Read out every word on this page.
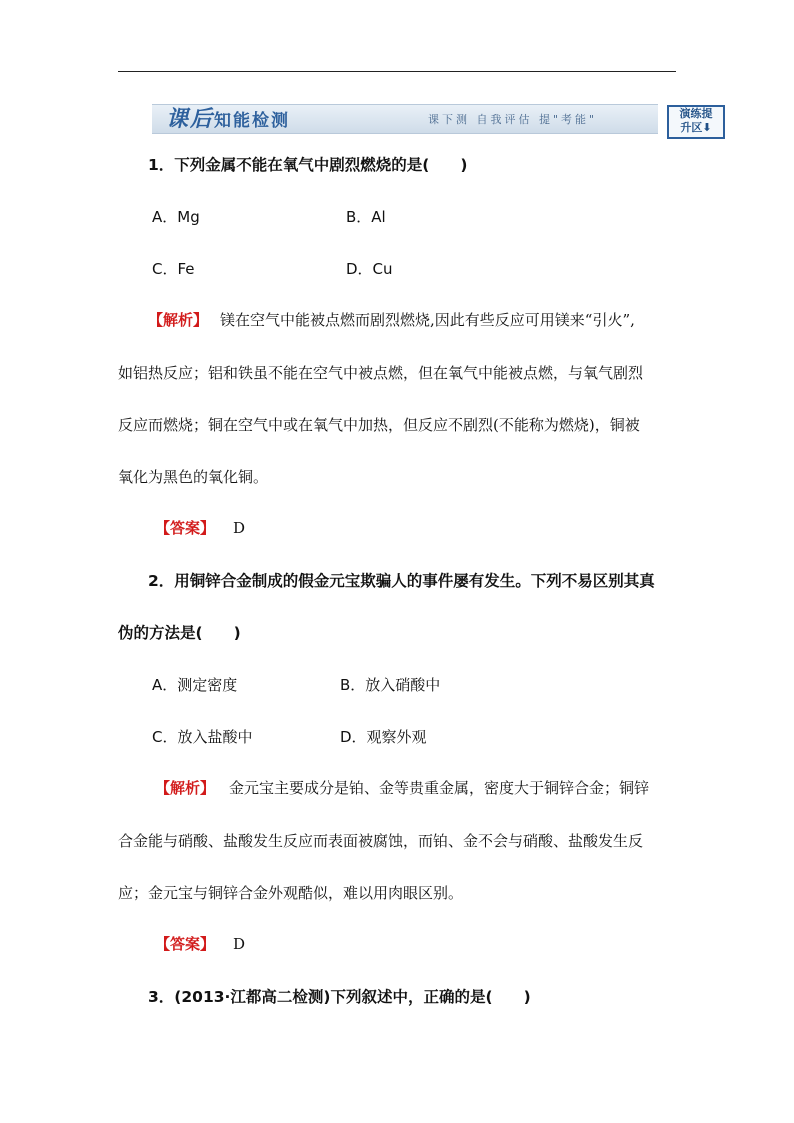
课后知能检测	课下测 自我评估 提"考能"	演练提
升区⬇
1．下列金属不能在氧气中剧烈燃烧的是(　　)
A．Mg	B．Al
C．Fe	D．Cu
【解析】 镁在空气中能被点燃而剧烈燃烧,因此有些反应可用镁来“引火”,
如铝热反应；铝和铁虽不能在空气中被点燃，但在氧气中能被点燃，与氧气剧烈
反应而燃烧；铜在空气中或在氧气中加热，但反应不剧烈(不能称为燃烧)，铜被
氧化为黑色的氧化铜。
【答案】 D
2．用铜锌合金制成的假金元宝欺骗人的事件屡有发生。下列不易区别其真
伪的方法是(　　)
A．测定密度	B．放入硝酸中
C．放入盐酸中	D．观察外观
【解析】 金元宝主要成分是铂、金等贵重金属，密度大于铜锌合金；铜锌
合金能与硝酸、盐酸发生反应而表面被腐蚀，而铂、金不会与硝酸、盐酸发生反
应；金元宝与铜锌合金外观酷似，难以用肉眼区别。
【答案】 D
3．(2013·江都高二检测)下列叙述中，正确的是(　　)
